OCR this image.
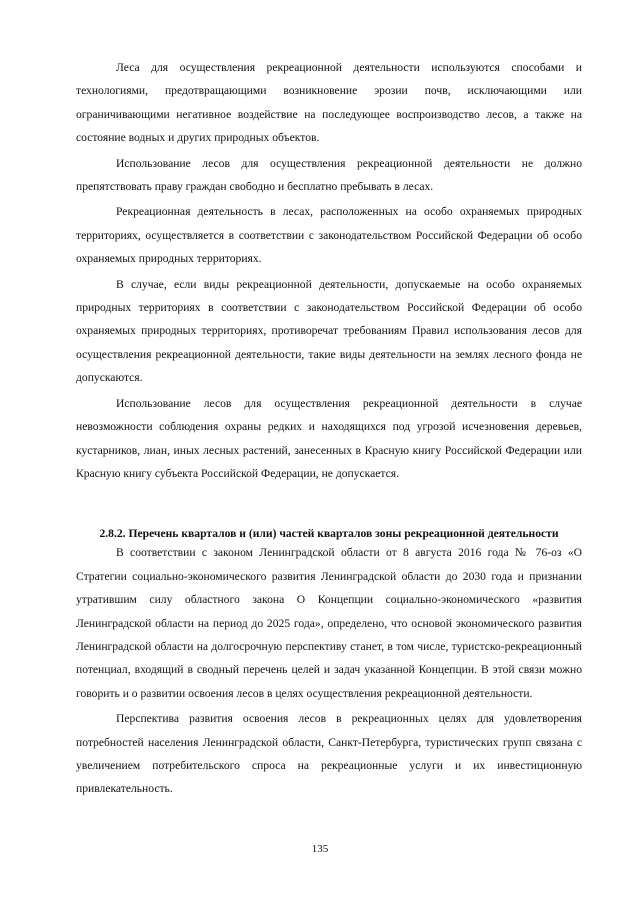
Леса для осуществления рекреационной деятельности используются способами и технологиями, предотвращающими возникновение эрозии почв, исключающими или ограничивающими негативное воздействие на последующее воспроизводство лесов, а также на состояние водных и других природных объектов.

Использование лесов для осуществления рекреационной деятельности не должно препятствовать праву граждан свободно и бесплатно пребывать в лесах.

Рекреационная деятельность в лесах, расположенных на особо охраняемых природных территориях, осуществляется в соответствии с законодательством Российской Федерации об особо охраняемых природных территориях.

В случае, если виды рекреационной деятельности, допускаемые на особо охраняемых природных территориях в соответствии с законодательством Российской Федерации об особо охраняемых природных территориях, противоречат требованиям Правил использования лесов для осуществления рекреационной деятельности, такие виды деятельности на землях лесного фонда не допускаются.

Использование лесов для осуществления рекреационной деятельности в случае невозможности соблюдения охраны редких и находящихся под угрозой исчезновения деревьев, кустарников, лиан, иных лесных растений, занесенных в Красную книгу Российской Федерации или Красную книгу субъекта Российской Федерации, не допускается.

2.8.2. Перечень кварталов и (или) частей кварталов зоны рекреационной деятельности

В соответствии с законом Ленинградской области от 8 августа 2016 года № 76-оз «О Стратегии социально-экономического развития Ленинградской области до 2030 года и признании утратившим силу областного закона О Концепции социально-экономического «развития Ленинградской области на период до 2025 года», определено, что основой экономического развития Ленинградской области на долгосрочную перспективу станет, в том числе, туристско-рекреационный потенциал, входящий в сводный перечень целей и задач указанной Концепции. В этой связи можно говорить и о развитии освоения лесов в целях осуществления рекреационной деятельности.

Перспектива развития освоения лесов в рекреационных целях для удовлетворения потребностей населения Ленинградской области, Санкт-Петербурга, туристических групп связана с увеличением потребительского спроса на рекреационные услуги и их инвестиционную привлекательность.

135
